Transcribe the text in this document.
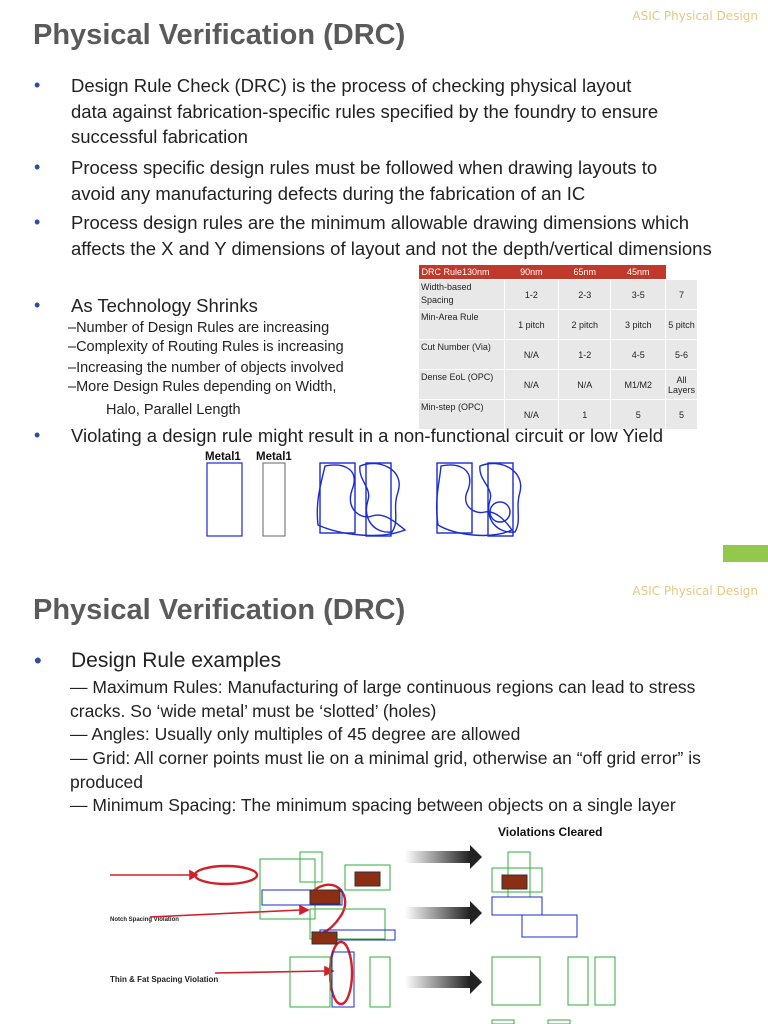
ASIC Physical Design
Physical Verification (DRC)
• Design Rule Check (DRC) is the process of checking physical layout data against fabrication-specific rules specified by the foundry to ensure successful fabrication
• Process specific design rules must be followed when drawing layouts to avoid any manufacturing defects during the fabrication of an IC
• Process design rules are the minimum allowable drawing dimensions which affects the X and Y dimensions of layout and not the depth/vertical dimensions
• As Technology Shrinks
–Number of Design Rules are increasing
–Complexity of Routing Rules is increasing
–Increasing the number of objects involved
–More Design Rules depending on Width,
Halo, Parallel Length
DRC Rule130nm	90nm	65nm	45nm	
Width-based Spacing	1-2	2-3	3-5	7
Min-Area Rule	1 pitch	2 pitch	3 pitch	5 pitch
Cut Number (Via)	N/A	1-2	4-5	5-6
Dense EoL (OPC)	N/A	N/A	M1/M2	All Layers
Min-step (OPC)	N/A	1	5	5
• Violating a design rule might result in a non-functional circuit or low Yield
Metal1 Metal1
ASIC Physical Design
Physical Verification (DRC)
• Design Rule examples
— Maximum Rules: Manufacturing of large continuous regions can lead to stress cracks. So ‘wide metal’ must be ‘slotted’ (holes)
— Angles: Usually only multiples of 45 degree are allowed
— Grid: All corner points must lie on a minimal grid, otherwise an “off grid error” is produced
— Minimum Spacing: The minimum spacing between objects on a single layer
Violations Cleared
Notch Spacing Violation
Thin & Fat Spacing Violation
